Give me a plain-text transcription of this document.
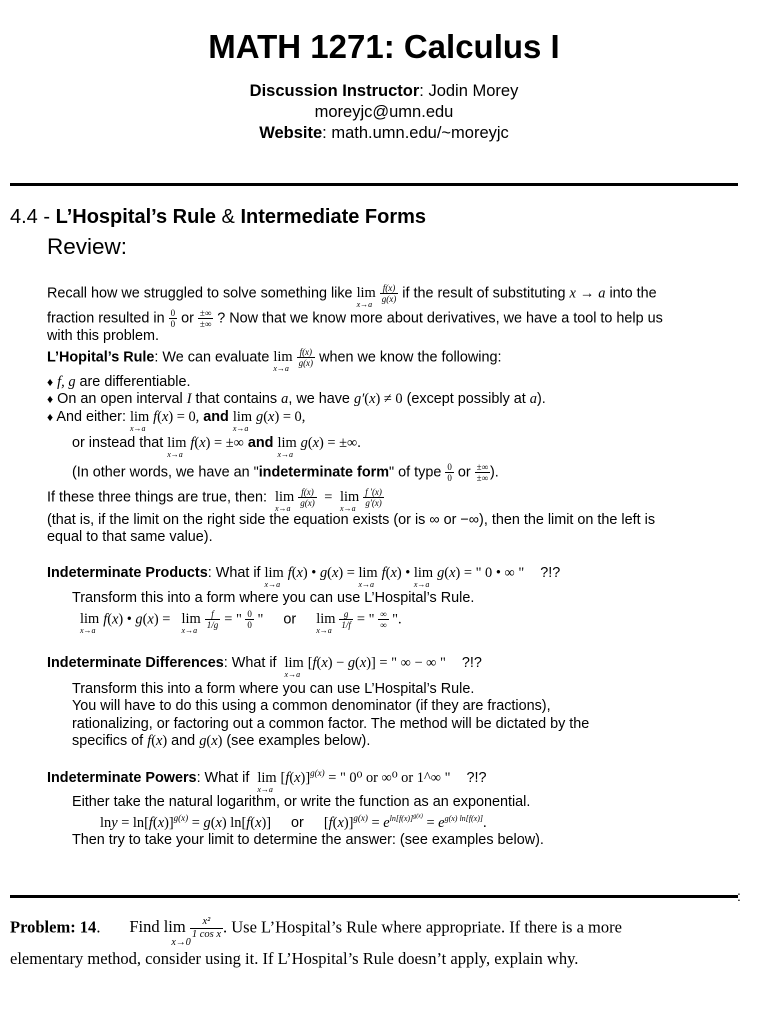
MATH 1271: Calculus I
Discussion Instructor: Jodin Morey
moreyjc@umn.edu
Website: math.umn.edu/~moreyjc
4.4 - L’Hospital’s Rule & Intermediate Forms
Review:
Recall how we struggled to solve something like lim
x→a

$\frac{f(x)}{g(x)}$ if the result of substituting x → a into the
fraction resulted in $\frac{0}{0}$ or $\frac{\pm\infty}{\pm\infty}$ ? Now that we know more about derivatives, we have a tool to help us
with this problem.
L’Hopital’s Rule: We can evaluate lim
x→a

$\frac{f(x)}{g(x)}$ when we know the following:
♦ f, g are differentiable.
♦ On an open interval I that contains a, we have g′(x) ≠ 0 (except possibly at a).
♦ And either: lim
x→a
f(x) = 0, and lim
x→a
g(x) = 0,
or instead that lim
x→a
f(x) = ±∞ and lim
x→a
g(x) = ±∞.
(In other words, we have an "indeterminate form" of type $\frac{0}{0}$ or $\frac{\pm\infty}{\pm\infty}$ ).
If these three things are true, then: lim
x→a

$\frac{f(x)}{g(x)} = \lim$
x→a

$\frac{f '(x)}{g'(x)}$
(that is, if the limit on the right side the equation exists (or is ∞ or −∞), then the limit on the left is
equal to that same value).
Indeterminate Products: What if lim
x→a
f(x) • g(x) = lim
x→a
f(x) • lim
x→a
g(x) = " 0 • ∞ " ?!?
Transform this into a form where you can use L’Hospital’s Rule.
lim
x→a
f(x) • g(x) =   lim
x→a

$\frac{f}{1/g}$ = " $\frac{0}{0}$ " or lim
x→a

$\frac{g}{1/f}$ = " $\frac{\infty}{\infty}$ ".
Indeterminate Differences: What if lim
x→a
[f(x) − g(x)] = " ∞ − ∞ " ?!?
Transform this into a form where you can use L’Hospital’s Rule.
You will have to do this using a common denominator (if they are fractions),
rationalizing, or factoring out a common factor. The method will be dictated by the
specifics of f(x) and g(x) (see examples below).
Indeterminate Powers: What if lim
x→a
$[f(x)]^{g(x)}$ = " 0⁰ or ∞⁰ or 1^∞ " ?!?
Either take the natural logarithm, or write the function as an exponential.
$\ln y = \ln[f(x)]^{g(x)} = g(x)$ ln[f(x)] or $[f(x)]^{g(x)} = e^{ln[f(x)]^{g(x)}} = e^{g(x) ln[f(x)]}$.
Then try to take your limit to determine the answer: (see examples below).
:
Problem: 14.       Find lim
x→0

$\frac{\text{x²}}{\text{1 cos x}}$ . Use L’Hospital’s Rule where appropriate. If there is a more
elementary method, consider using it. If L’Hospital’s Rule doesn’t apply, explain why.
